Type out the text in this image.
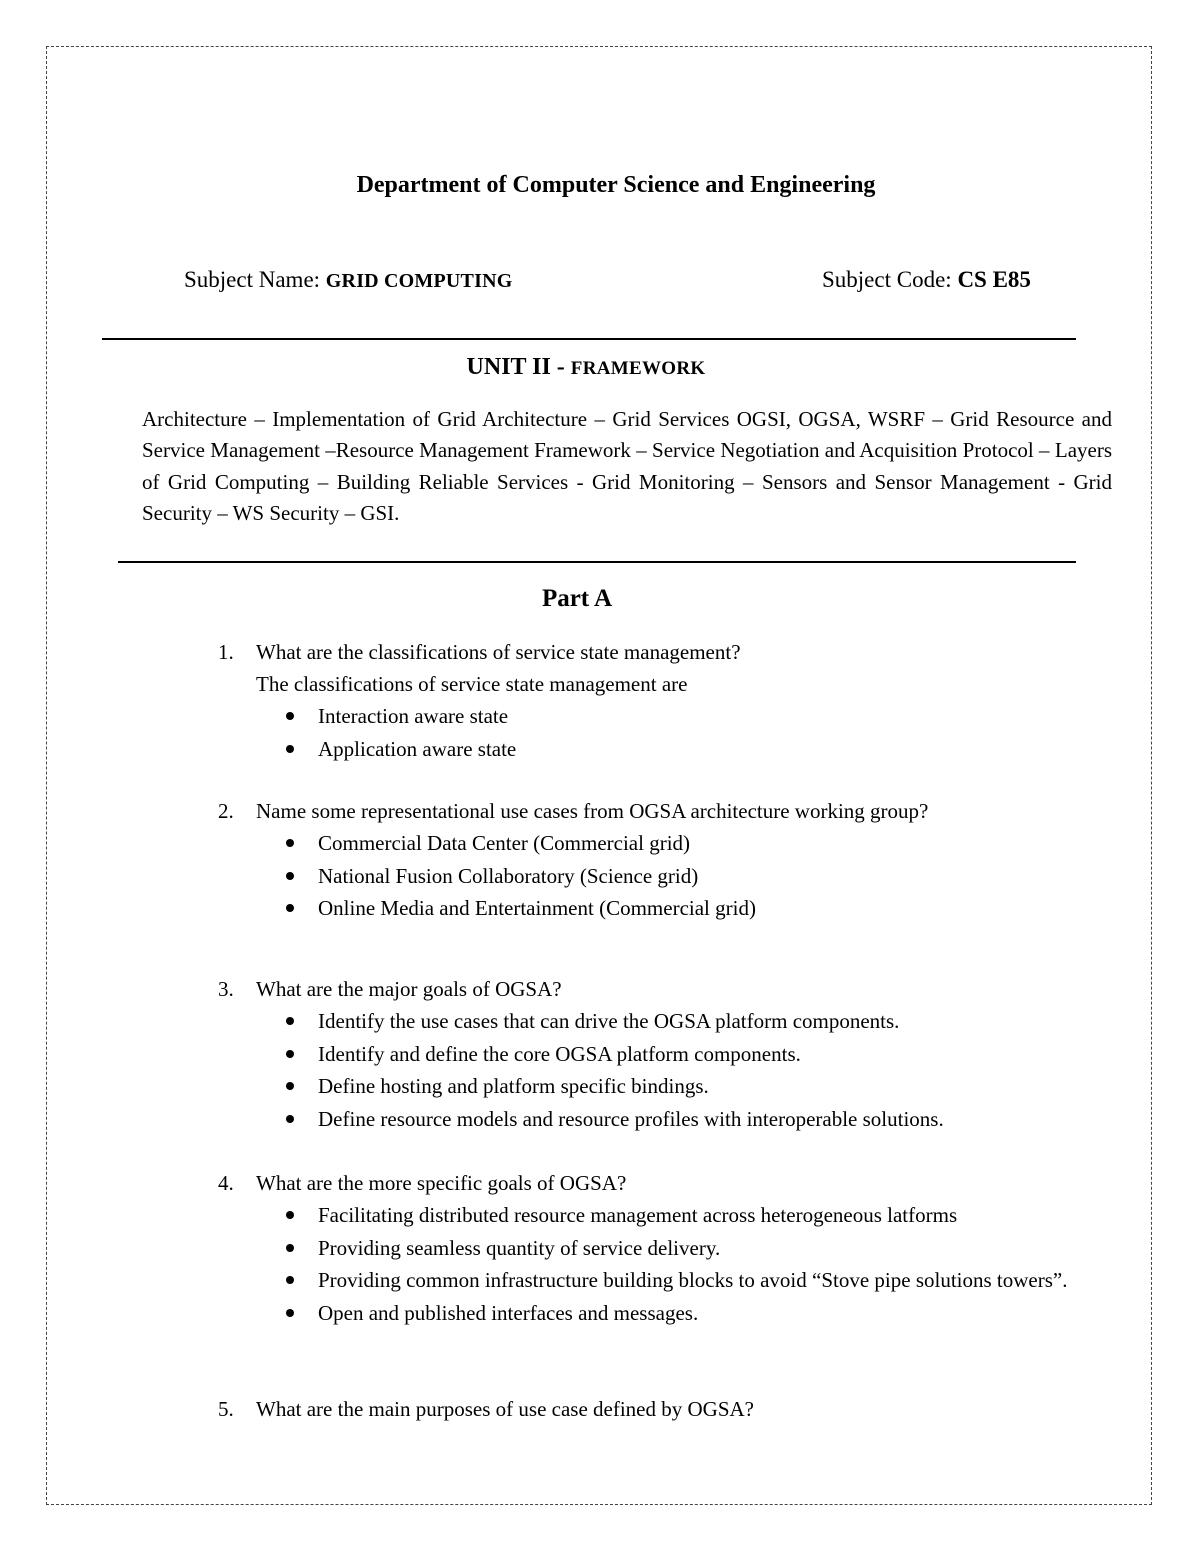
Department of Computer Science and Engineering
Subject Name: GRID COMPUTING	Subject Code: CS E85
UNIT II - FRAMEWORK

Architecture – Implementation of Grid Architecture – Grid Services OGSI, OGSA, WSRF – Grid Resource and Service Management –Resource Management Framework – Service Negotiation and Acquisition Protocol – Layers of Grid Computing – Building Reliable Services - Grid Monitoring – Sensors and Sensor Management - Grid Security – WS Security – GSI.

Part A
1.	What are the classifications of service state management?
The classifications of service state management are
Interaction aware state
Application aware state
2.	Name some representational use cases from OGSA architecture working group?
Commercial Data Center (Commercial grid)
National Fusion Collaboratory (Science grid)
Online Media and Entertainment (Commercial grid)
3.	What are the major goals of OGSA?
Identify the use cases that can drive the OGSA platform components.
Identify and define the core OGSA platform components.
Define hosting and platform specific bindings.
Define resource models and resource profiles with interoperable solutions.
4.	What are the more specific goals of OGSA?
Facilitating distributed resource management across heterogeneous latforms
Providing seamless quantity of service delivery.
Providing common infrastructure building blocks to avoid “Stove pipe solutions towers”.
Open and published interfaces and messages.
5.	What are the main purposes of use case defined by OGSA?
